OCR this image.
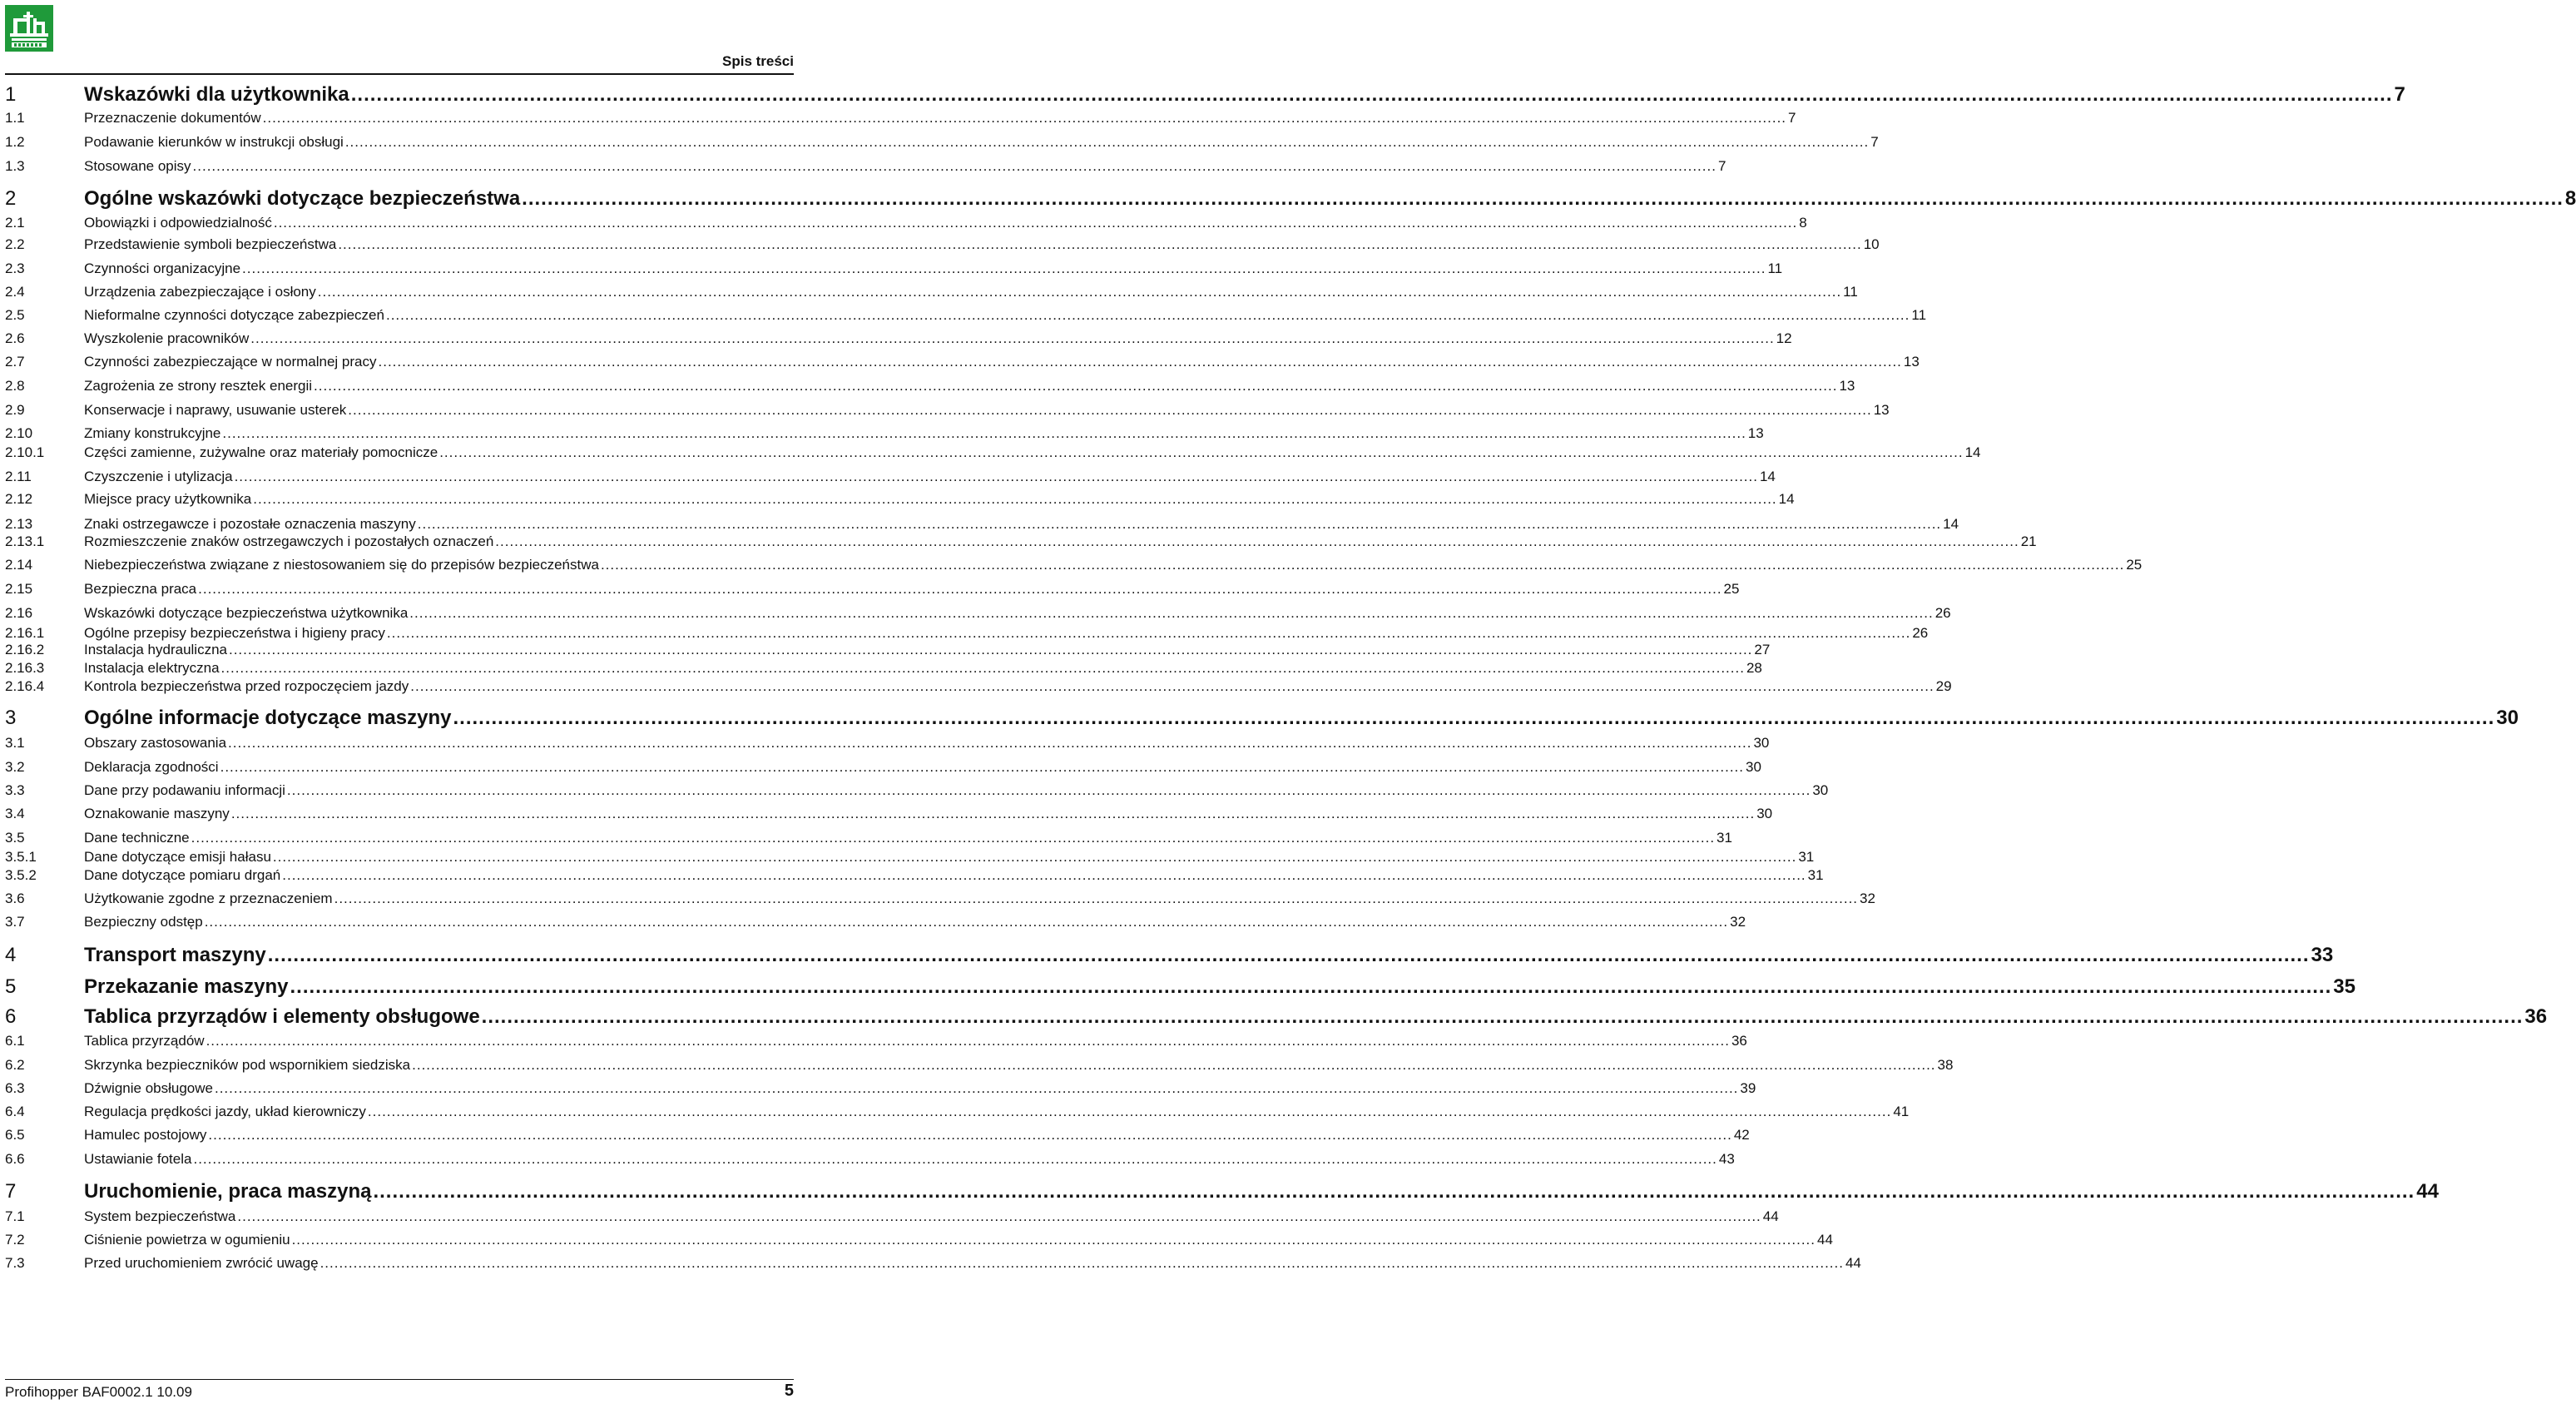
Spis treści
1	Wskazówki dla użytkownika .....	7
1.1	Przeznaczenie dokumentów .....	7
1.2	Podawanie kierunków w instrukcji obsługi .....	7
1.3	Stosowane opisy .....	7
2	Ogólne wskazówki dotyczące bezpieczeństwa .....	8
2.1	Obowiązki i odpowiedzialność .....	8
2.2	Przedstawienie symboli bezpieczeństwa .....	10
2.3	Czynności organizacyjne .....	11
2.4	Urządzenia zabezpieczające i osłony .....	11
2.5	Nieformalne czynności dotyczące zabezpieczeń .....	11
2.6	Wyszkolenie pracowników .....	12
2.7	Czynności zabezpieczające w normalnej pracy .....	13
2.8	Zagrożenia ze strony resztek energii .....	13
2.9	Konserwacje i naprawy, usuwanie usterek .....	13
2.10	Zmiany konstrukcyjne .....	13
2.10.1	Części zamienne, zużywalne oraz materiały pomocnicze .....	14
2.11	Czyszczenie i utylizacja .....	14
2.12	Miejsce pracy użytkownika .....	14
2.13	Znaki ostrzegawcze i pozostałe oznaczenia maszyny .....	14
2.13.1	Rozmieszczenie znaków ostrzegawczych i pozostałych oznaczeń .....	21
2.14	Niebezpieczeństwa związane z niestosowaniem się do przepisów bezpieczeństwa .....	25
2.15	Bezpieczna praca .....	25
2.16	Wskazówki dotyczące bezpieczeństwa użytkownika .....	26
2.16.1	Ogólne przepisy bezpieczeństwa i higieny pracy .....	26
2.16.2	Instalacja hydrauliczna .....	27
2.16.3	Instalacja elektryczna .....	28
2.16.4	Kontrola bezpieczeństwa przed rozpoczęciem jazdy .....	29
3	Ogólne informacje dotyczące maszyny .....	30
3.1	Obszary zastosowania .....	30
3.2	Deklaracja zgodności .....	30
3.3	Dane przy podawaniu informacji .....	30
3.4	Oznakowanie maszyny .....	30
3.5	Dane techniczne .....	31
3.5.1	Dane dotyczące emisji hałasu .....	31
3.5.2	Dane dotyczące pomiaru drgań .....	31
3.6	Użytkowanie zgodne z przeznaczeniem .....	32
3.7	Bezpieczny odstęp .....	32
4	Transport maszyny .....	33
5	Przekazanie maszyny .....	35
6	Tablica przyrządów i elementy obsługowe .....	36
6.1	Tablica przyrządów .....	36
6.2	Skrzynka bezpieczników pod wspornikiem siedziska .....	38
6.3	Dźwignie obsługowe .....	39
6.4	Regulacja prędkości jazdy, układ kierowniczy .....	41
6.5	Hamulec postojowy .....	42
6.6	Ustawianie fotela .....	43
7	Uruchomienie, praca maszyną .....	44
7.1	System bezpieczeństwa .....	44
7.2	Ciśnienie powietrza w ogumieniu .....	44
7.3	Przed uruchomieniem zwrócić uwagę .....	44
Profihopper BAF0002.1 10.09	5
